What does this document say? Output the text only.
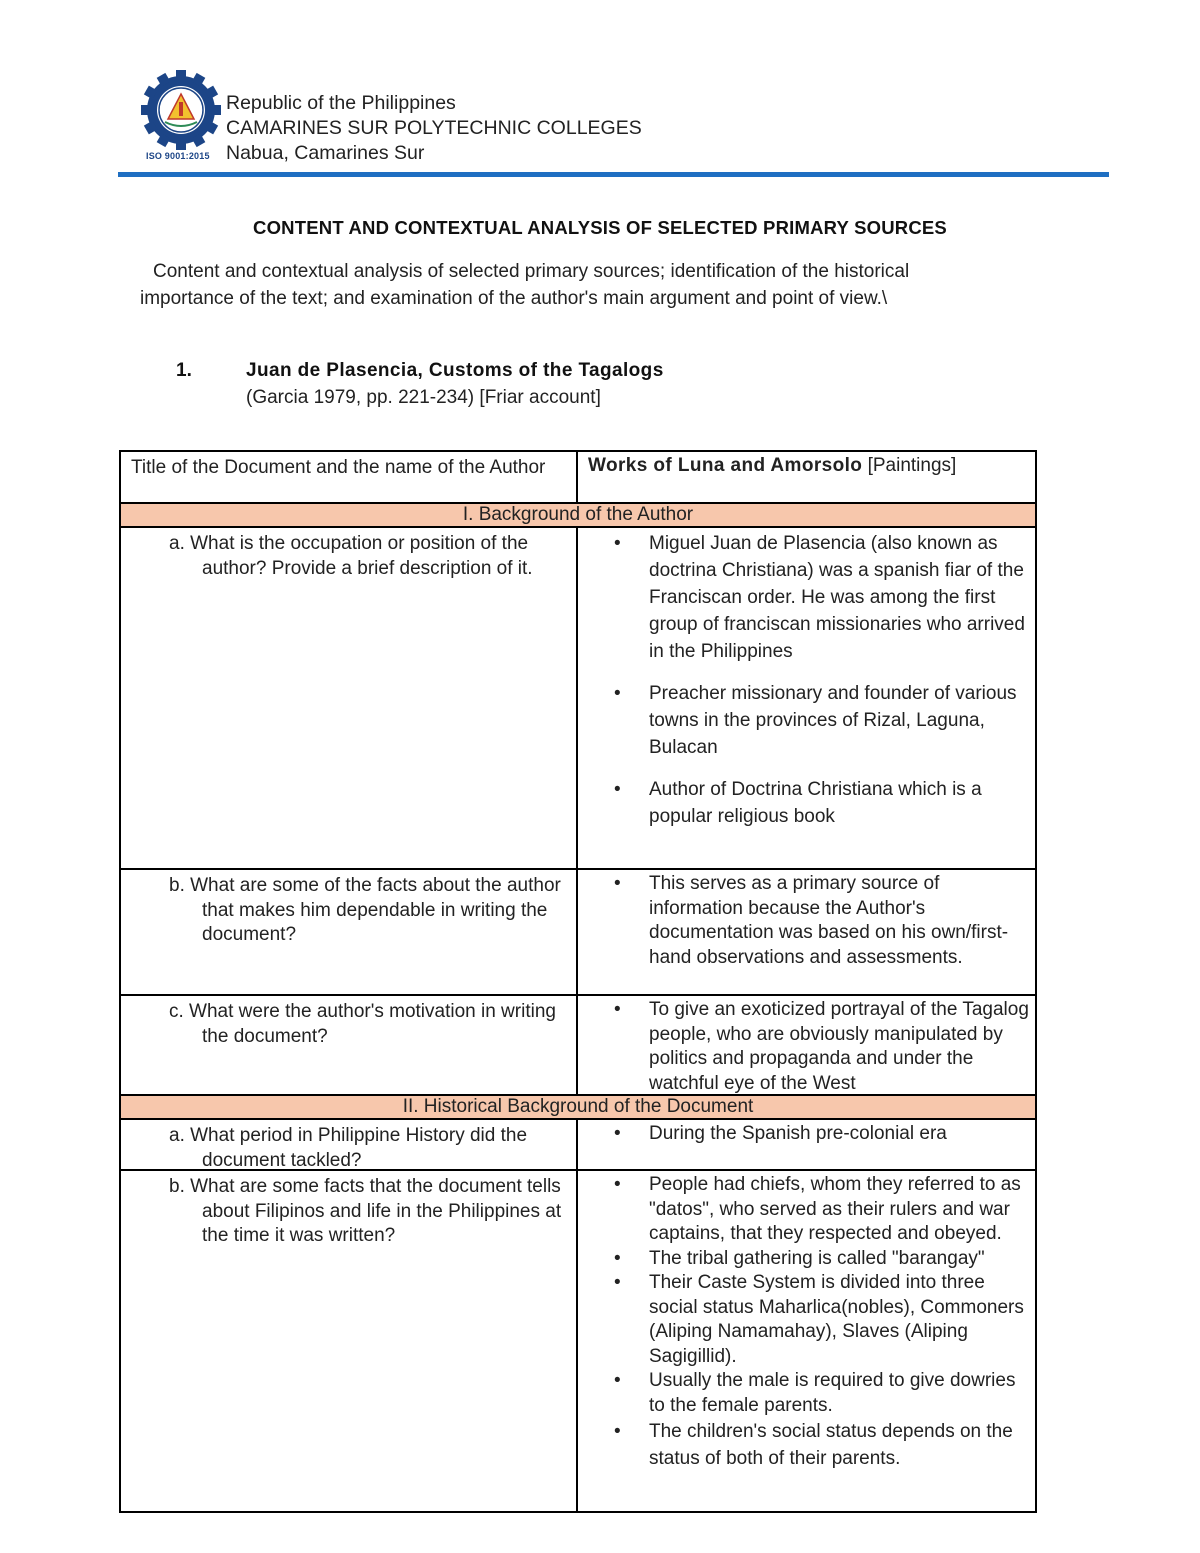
ISO 9001:2015
Republic of the Philippines
CAMARINES SUR POLYTECHNIC COLLEGES
Nabua, Camarines Sur
CONTENT AND CONTEXTUAL ANALYSIS OF SELECTED PRIMARY SOURCES
Content and contextual analysis of selected primary sources; identification of the historical
importance of the text; and examination of the author's main argument and point of view.\
1.	Juan de Plasencia, Customs of the Tagalogs
(Garcia 1979, pp. 221-234) [Friar account]
Title of the Document and the name of the Author	Works of Luna and Amorsolo [Paintings]
I. Background of the Author
a. What is the occupation or position of the author? Provide a brief description of it.
• Miguel Juan de Plasencia (also known as doctrina Christiana) was a spanish fiar of the Franciscan order. He was among the first group of franciscan missionaries who arrived in the Philippines
• Preacher missionary and founder of various towns in the provinces of Rizal, Laguna, Bulacan
• Author of Doctrina Christiana which is a popular religious book
b. What are some of the facts about the author that makes him dependable in writing the document?
• This serves as a primary source of information because the Author's documentation was based on his own/first-hand observations and assessments.
c. What were the author's motivation in writing the document?
• To give an exoticized portrayal of the Tagalog people, who are obviously manipulated by politics and propaganda and under the watchful eye of the West
II. Historical Background of the Document
a. What period in Philippine History did the document tackled?
• During the Spanish pre-colonial era
b. What are some facts that the document tells about Filipinos and life in the Philippines at the time it was written?
• People had chiefs, whom they referred to as "datos", who served as their rulers and war captains, that they respected and obeyed.
• The tribal gathering is called "barangay"
• Their Caste System is divided into three social status Maharlica(nobles), Commoners (Aliping Namamahay), Slaves (Aliping Sagigillid).
• Usually the male is required to give dowries to the female parents.
• The children's social status depends on the status of both of their parents.
